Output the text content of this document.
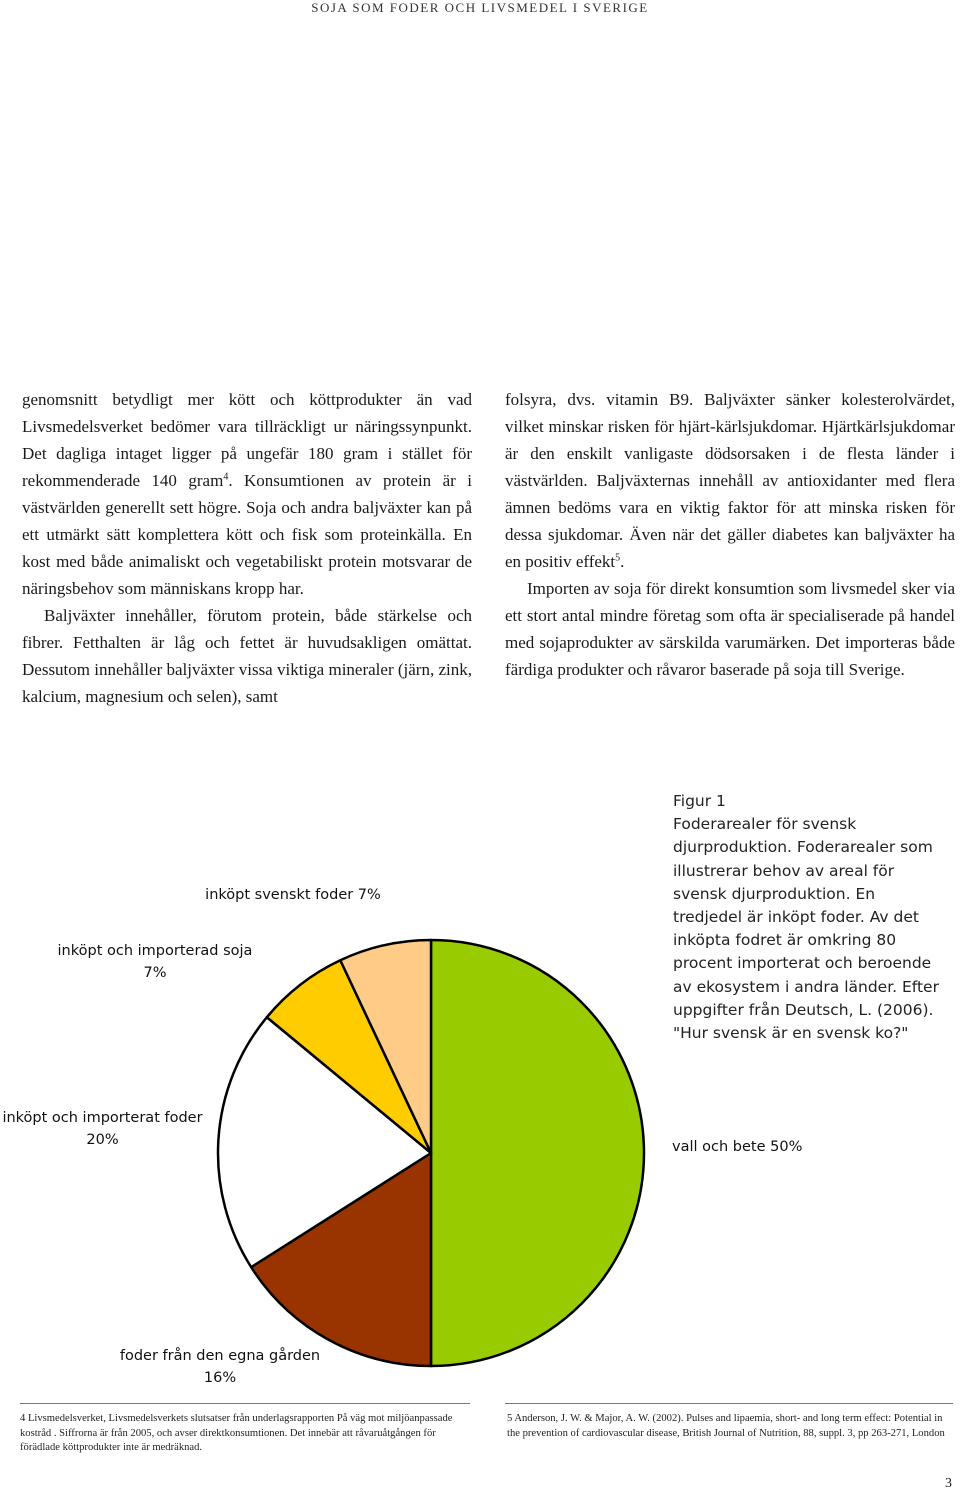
SOJA SOM FODER OCH LIVSMEDEL I SVERIGE

genomsnitt betydligt mer kött och köttprodukter än vad Livsmedelsverket bedömer vara tillräckligt ur näringssynpunkt. Det dagliga intaget ligger på ungefär 180 gram i stället för rekommenderade 140 gram$^4$. Konsumtionen av protein är i västvärlden generellt sett högre. Soja och andra baljväxter kan på ett utmärkt sätt komplettera kött och fisk som proteinkälla. En kost med både animaliskt och vegetabiliskt protein motsvarar de näringsbehov som människans kropp har.

Baljväxter innehåller, förutom protein, både stärkelse och fibrer. Fetthalten är låg och fettet är huvudsakligen omättat. Dessutom innehåller baljväxter vissa viktiga mineraler (järn, zink, kalcium, magnesium och selen), samt

folsyra, dvs. vitamin B9. Baljväxter sänker kolesterolvärdet, vilket minskar risken för hjärt-kärlsjukdomar. Hjärtkärlsjukdomar är den enskilt vanligaste dödsorsaken i de flesta länder i västvärlden. Baljväxternas innehåll av antioxidanter med flera ämnen bedöms vara en viktig faktor för att minska risken för dessa sjukdomar. Även när det gäller diabetes kan baljväxter ha en positiv effekt$^5$.

Importen av soja för direkt konsumtion som livsmedel sker via ett stort antal mindre företag som ofta är specialiserade på handel med sojaprodukter av särskilda varumärken. Det importeras både färdiga produkter och råvaror baserade på soja till Sverige.

inköpt svenskt foder 7%
inköpt och importerad soja
7%
inköpt och importerat foder
20%	vall och bete 50%
foder från den egna gården
16%

Figur 1

Foderarealer för svensk djurproduktion. Foderarealer som illustrerar behov av areal för svensk djurproduktion. En tredjedel är inköpt foder. Av det inköpta fodret är omkring 80 procent importerat och beroende av ekosystem i andra länder. Efter uppgifter från Deutsch, L. (2006). "Hur svensk är en svensk ko?"

4 Livsmedelsverket, Livsmedelsverkets slutsatser från underlagsrapporten På väg mot miljöanpassade kostråd . Siffrorna är från 2005, och avser direktkonsumtionen. Det innebär att råvaruåtgången för förädlade köttprodukter inte är medräknad.

5 Anderson, J. W. & Major, A. W. (2002). Pulses and lipaemia, short- and long term effect: Potential in the prevention of cardiovascular disease, British Journal of Nutrition, 88, suppl. 3, pp 263-271, London

3
